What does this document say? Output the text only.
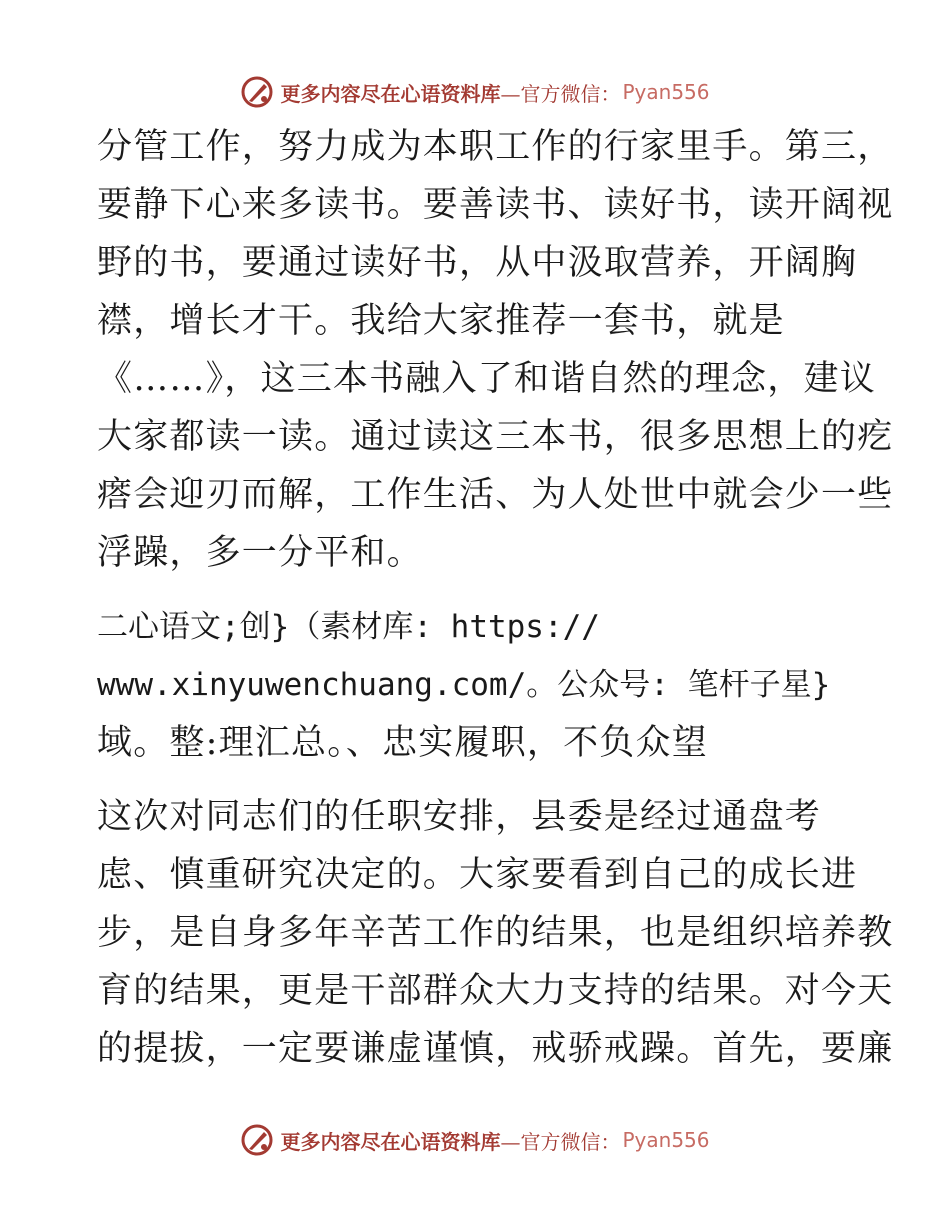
更多内容尽在心语资料库 —官方微信： Pyan556
分管工作，努力成为本职工作的行家里手。第三，
要静下心来多读书。要善读书、读好书，读开阔视
野的书，要通过读好书，从中汲取营养，开阔胸
襟，增长才干。我给大家推荐一套书，就是
《……》，这三本书融入了和谐自然的理念，建议
大家都读一读。通过读这三本书，很多思想上的疙
瘩会迎刃而解，工作生活、为人处世中就会少一些
浮躁，多一分平和。
二心语文;创}（素材库: https://
www.xinyuwenchuang.com/。公众号: 笔杆子星}
域。整:理汇总。、忠实履职，不负众望
这次对同志们的任职安排，县委是经过通盘考
虑、慎重研究决定的。大家要看到自己的成长进
步，是自身多年辛苦工作的结果，也是组织培养教
育的结果，更是干部群众大力支持的结果。对今天
的提拔，一定要谦虚谨慎，戒骄戒躁。首先，要廉
更多内容尽在心语资料库 —官方微信： Pyan556
